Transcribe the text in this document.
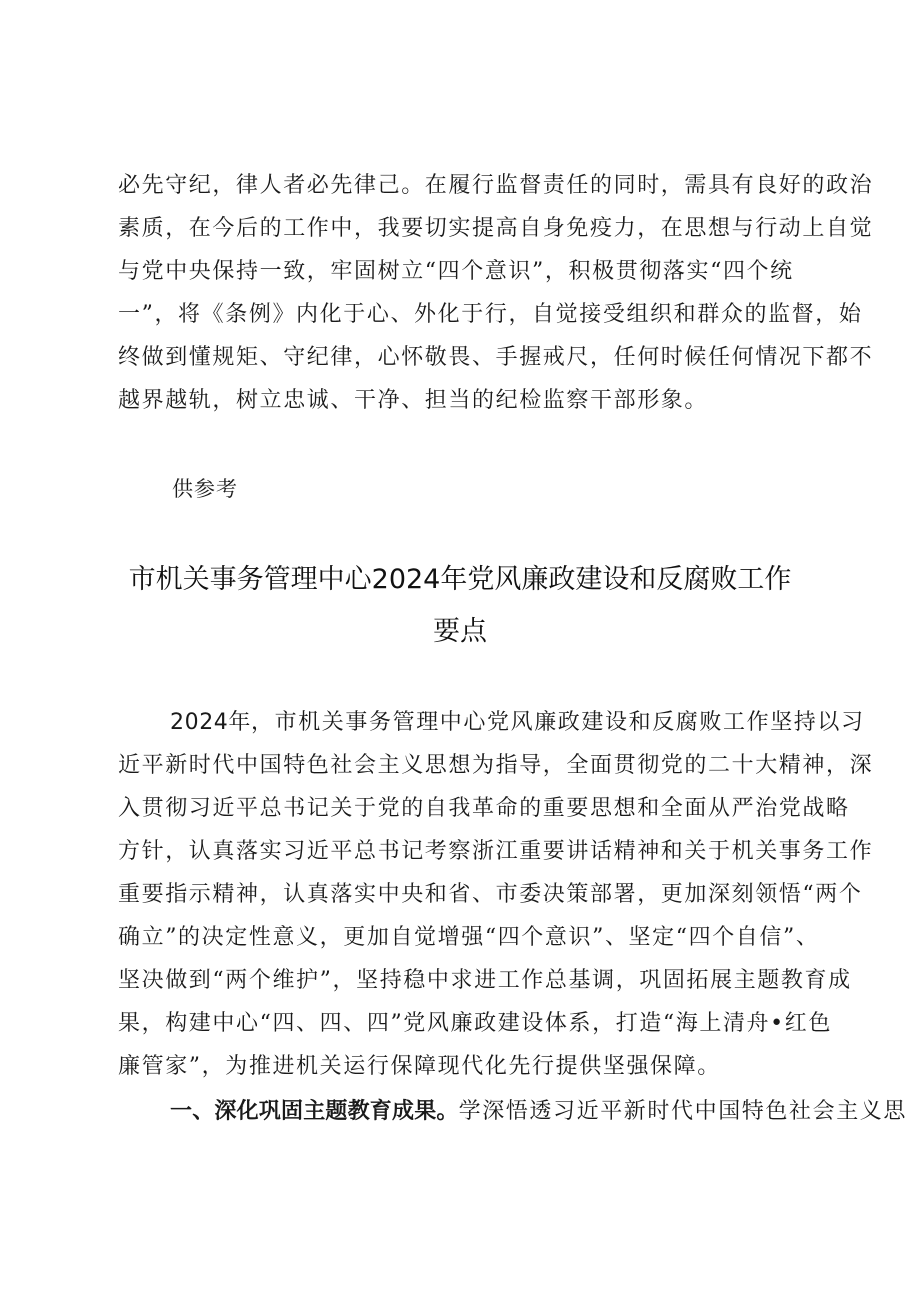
必先守纪，律人者必先律己。在履行监督责任的同时，需具有良好的政治
素质，在今后的工作中，我要切实提高自身免疫力，在思想与行动上自觉
与党中央保持一致，牢固树立“四个意识”，积极贯彻落实“四个统
一”，将《条例》内化于心、外化于行，自觉接受组织和群众的监督，始
终做到懂规矩、守纪律，心怀敬畏、手握戒尺，任何时候任何情况下都不
越界越轨，树立忠诚、干净、担当的纪检监察干部形象。
供参考
市机关事务管理中心2024年党风廉政建设和反腐败工作
要点
2024年，市机关事务管理中心党风廉政建设和反腐败工作坚持以习
近平新时代中国特色社会主义思想为指导，全面贯彻党的二十大精神，深
入贯彻习近平总书记关于党的自我革命的重要思想和全面从严治党战略
方针，认真落实习近平总书记考察浙江重要讲话精神和关于机关事务工作
重要指示精神，认真落实中央和省、市委决策部署，更加深刻领悟“两个
确立”的决定性意义，更加自觉增强“四个意识”、坚定“四个自信”、
坚决做到“两个维护”，坚持稳中求进工作总基调，巩固拓展主题教育成
果，构建中心“四、四、四”党风廉政建设体系，打造“海上清舟•红色
廉管家”，为推进机关运行保障现代化先行提供坚强保障。
一、深化巩固主题教育成果。学深悟透习近平新时代中国特色社会主义思
